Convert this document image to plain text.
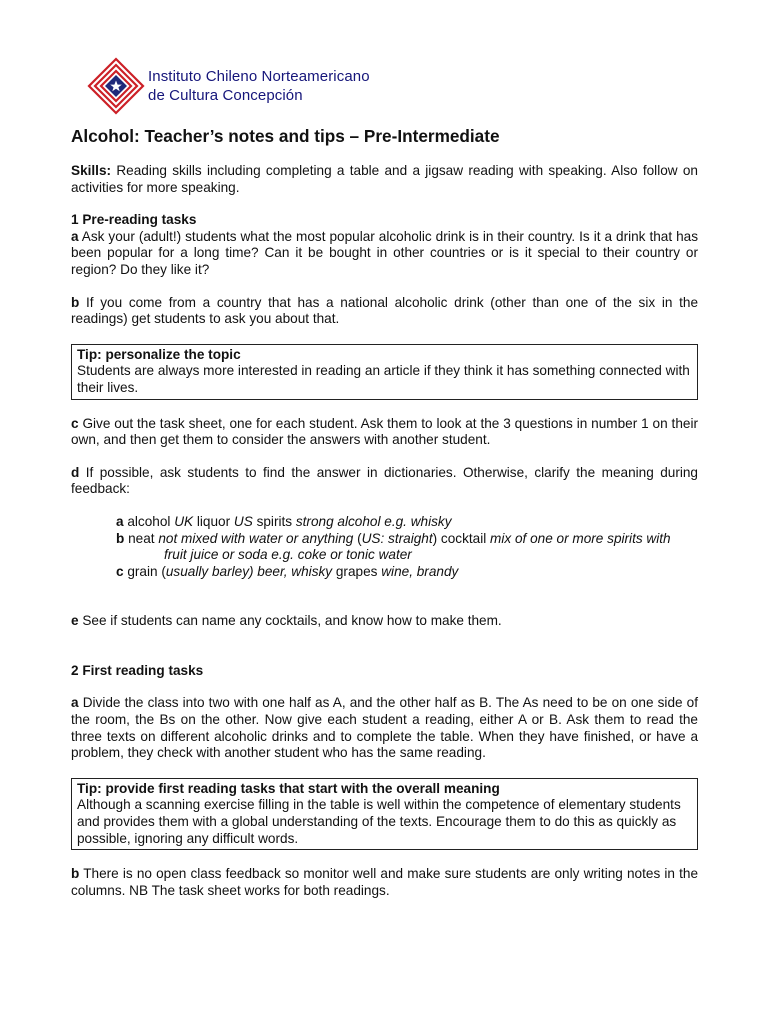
Instituto Chileno Norteamericano
de Cultura Concepción
Alcohol: Teacher’s notes and tips – Pre-Intermediate

Skills: Reading skills including completing a table and a jigsaw reading with speaking. Also follow on activities for more speaking.

1 Pre-reading tasks

a Ask your (adult!) students what the most popular alcoholic drink is in their country. Is it a drink that has been popular for a long time? Can it be bought in other countries or is it special to their country or region? Do they like it?

b If you come from a country that has a national alcoholic drink (other than one of the six in the readings) get students to ask you about that.

Tip: personalize the topic

Students are always more interested in reading an article if they think it has something connected with their lives.

c Give out the task sheet, one for each student. Ask them to look at the 3 questions in number 1 on their own, and then get them to consider the answers with another student.

d If possible, ask students to find the answer in dictionaries. Otherwise, clarify the meaning during feedback:

a alcohol UK liquor US spirits strong alcohol e.g. whisky

b neat not mixed with water or anything (US: straight) cocktail mix of one or more spirits with

fruit juice or soda e.g. coke or tonic water

c grain (usually barley) beer, whisky grapes wine, brandy

e See if students can name any cocktails, and know how to make them.

2 First reading tasks

a Divide the class into two with one half as A, and the other half as B. The As need to be on one side of the room, the Bs on the other. Now give each student a reading, either A or B. Ask them to read the three texts on different alcoholic drinks and to complete the table. When they have finished, or have a problem, they check with another student who has the same reading.

Tip: provide first reading tasks that start with the overall meaning

Although a scanning exercise filling in the table is well within the competence of elementary students and provides them with a global understanding of the texts. Encourage them to do this as quickly as possible, ignoring any difficult words.

b There is no open class feedback so monitor well and make sure students are only writing notes in the columns. NB The task sheet works for both readings.
